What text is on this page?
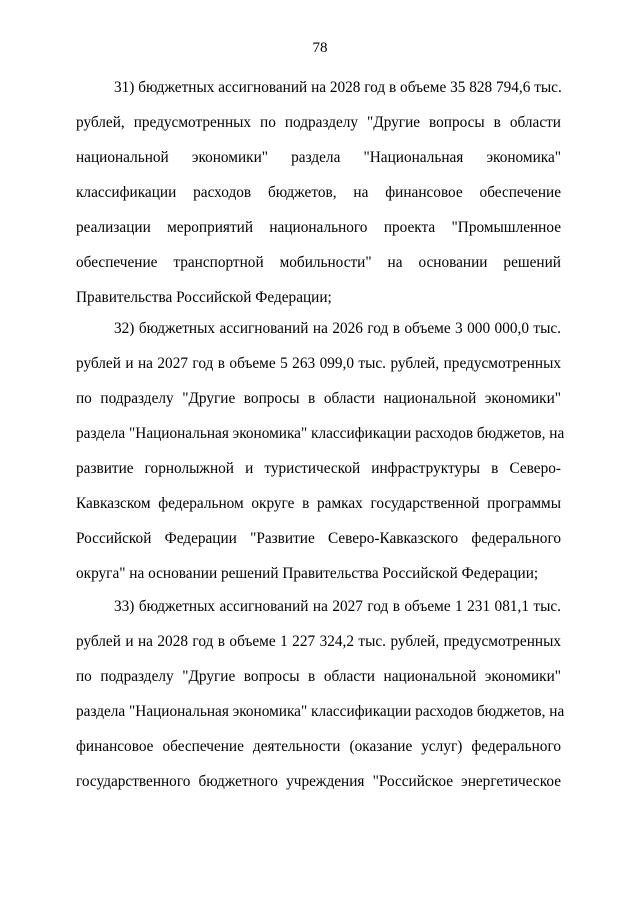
78
31) бюджетных ассигнований на 2028 год в объеме 35 828 794,6 тыс.
рублей, предусмотренных по подразделу "Другие вопросы в области
национальной экономики" раздела "Национальная экономика"
классификации расходов бюджетов, на финансовое обеспечение
реализации мероприятий национального проекта "Промышленное
обеспечение транспортной мобильности" на основании решений
Правительства Российской Федерации;
32) бюджетных ассигнований на 2026 год в объеме 3 000 000,0 тыс.
рублей и на 2027 год в объеме 5 263 099,0 тыс. рублей, предусмотренных
по подразделу "Другие вопросы в области национальной экономики"
раздела "Национальная экономика" классификации расходов бюджетов, на
развитие горнолыжной и туристической инфраструктуры в Северо-
Кавказском федеральном округе в рамках государственной программы
Российской Федерации "Развитие Северо-Кавказского федерального
округа" на основании решений Правительства Российской Федерации;
33) бюджетных ассигнований на 2027 год в объеме 1 231 081,1 тыс.
рублей и на 2028 год в объеме 1 227 324,2 тыс. рублей, предусмотренных
по подразделу "Другие вопросы в области национальной экономики"
раздела "Национальная экономика" классификации расходов бюджетов, на
финансовое обеспечение деятельности (оказание услуг) федерального
государственного бюджетного учреждения "Российское энергетическое
